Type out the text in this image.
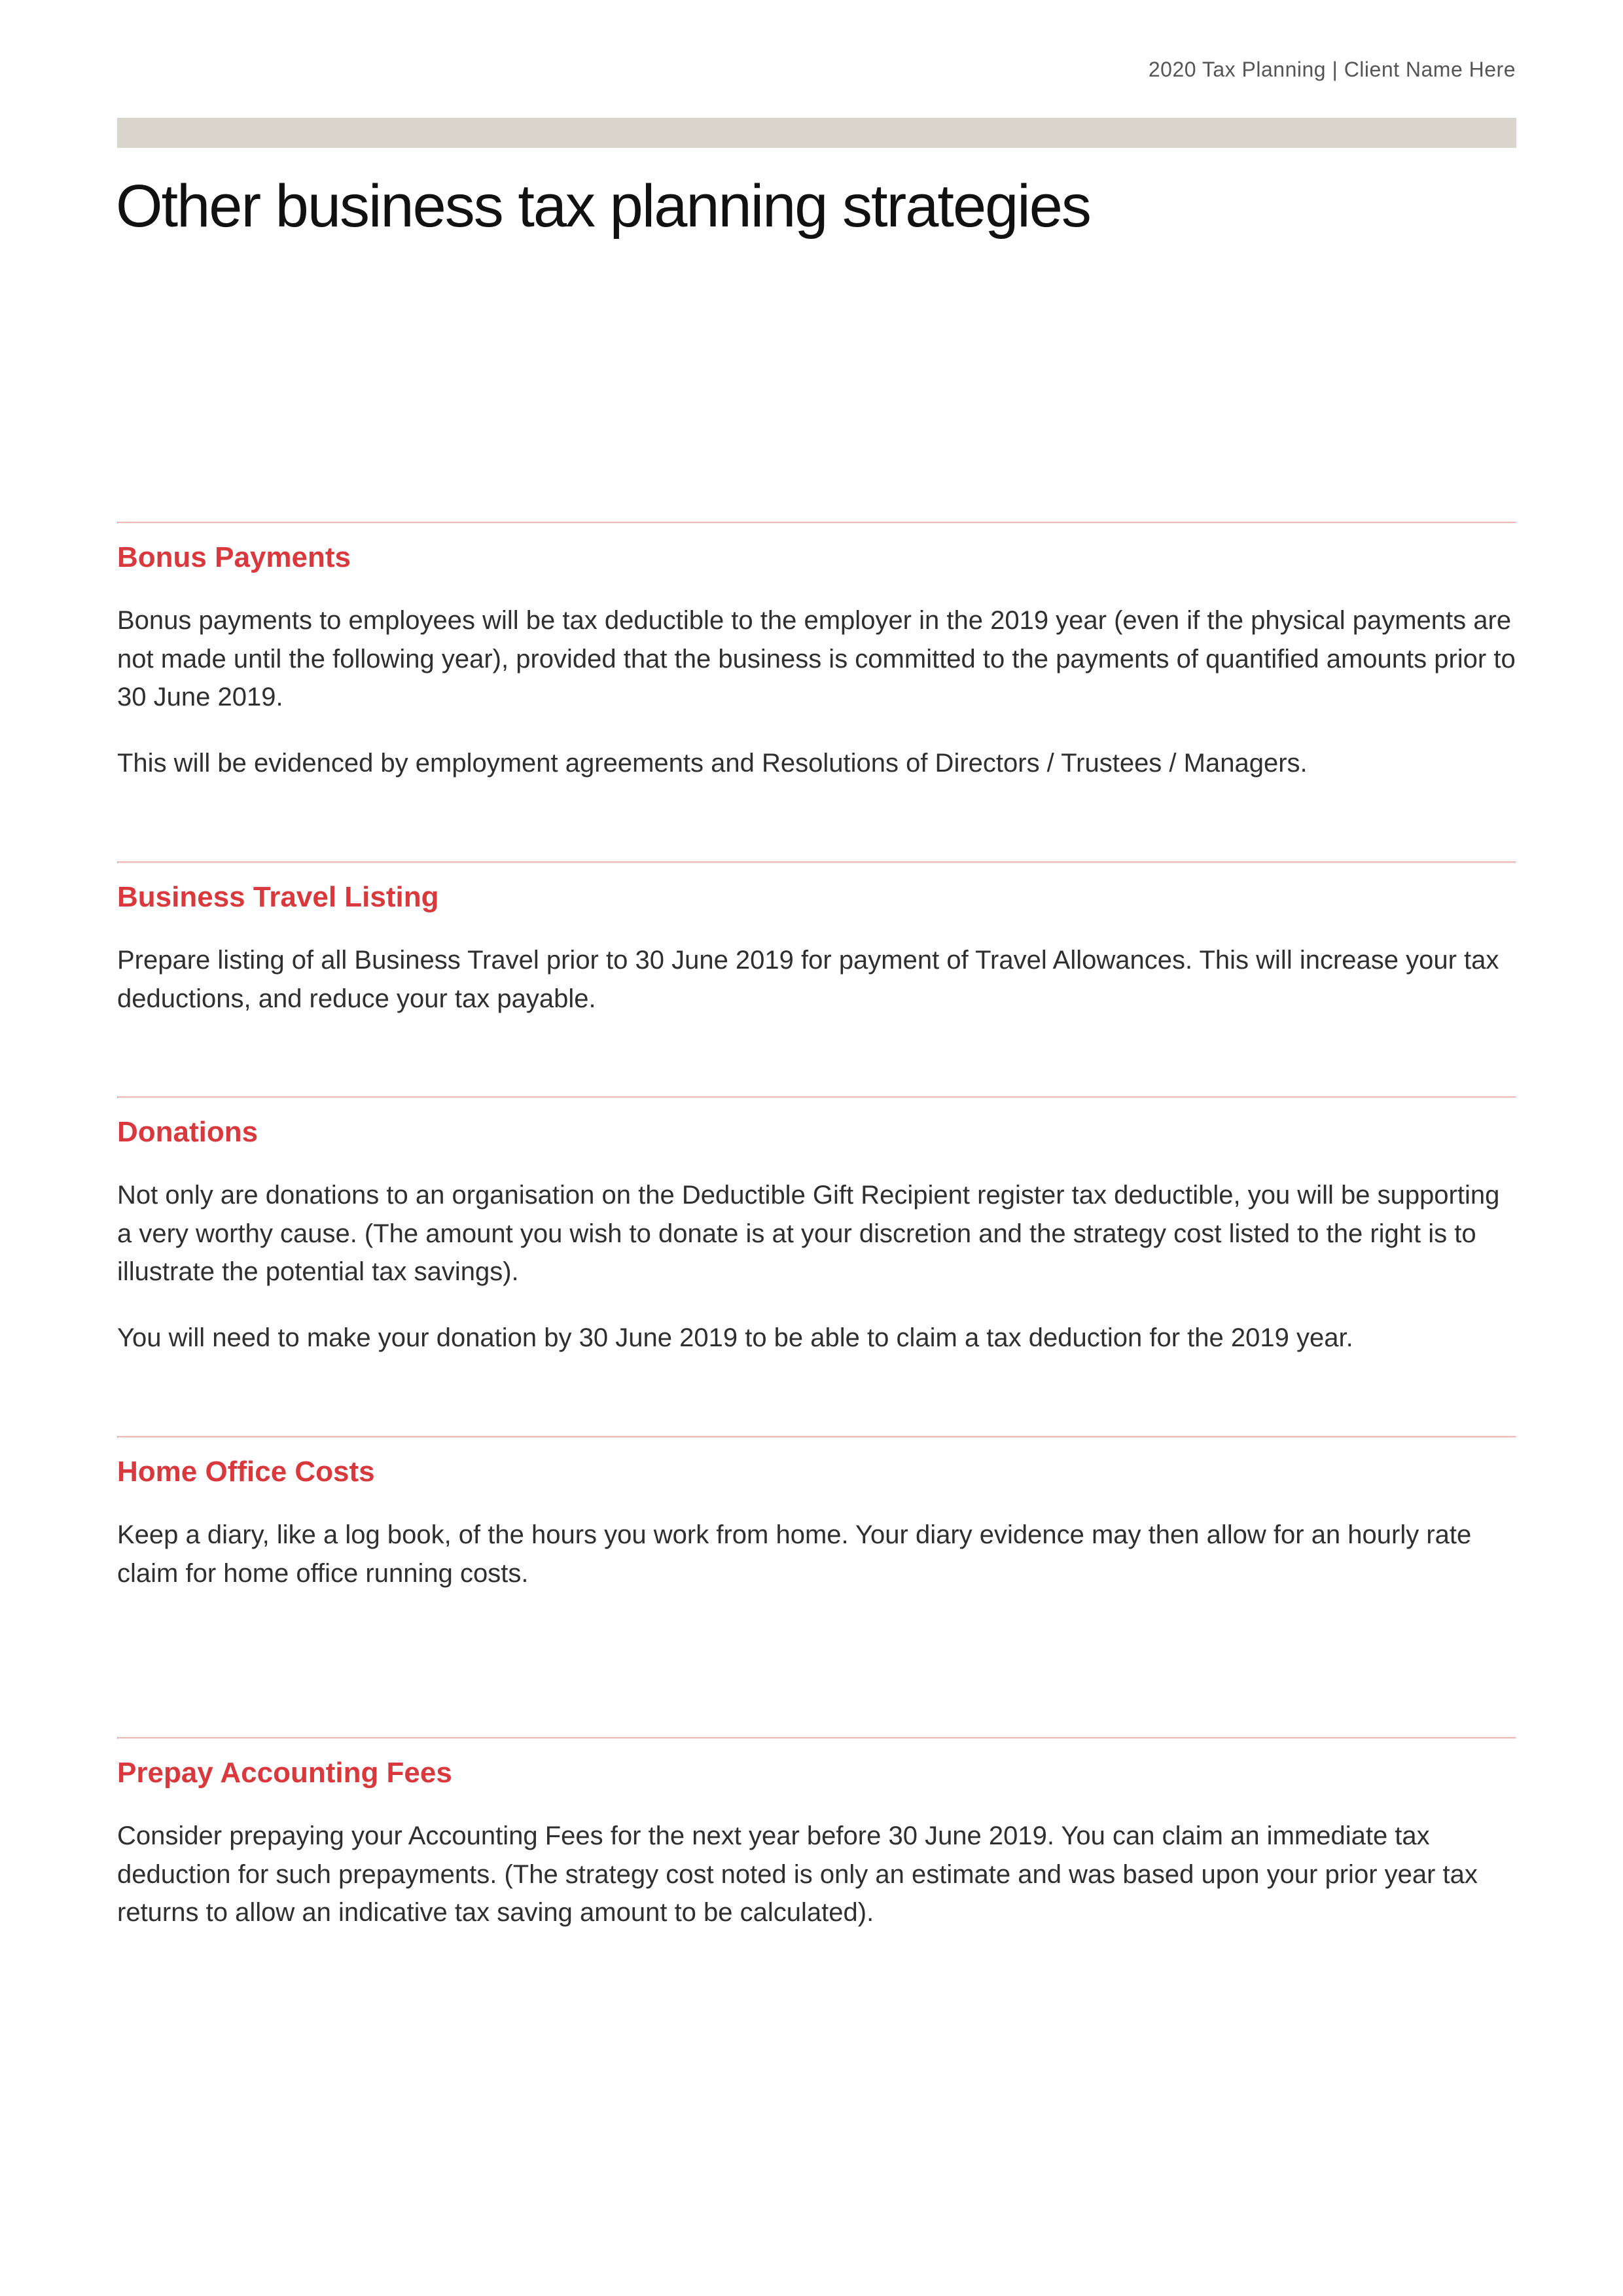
2020 Tax Planning | Client Name Here
Other business tax planning strategies
Bonus Payments

Bonus payments to employees will be tax deductible to the employer in the 2019 year (even if the physical payments are not made until the following year), provided that the business is committed to the payments of quantified amounts prior to 30 June 2019.

This will be evidenced by employment agreements and Resolutions of Directors / Trustees / Managers.

Business Travel Listing

Prepare listing of all Business Travel prior to 30 June 2019 for payment of Travel Allowances. This will increase your tax deductions, and reduce your tax payable.

Donations

Not only are donations to an organisation on the Deductible Gift Recipient register tax deductible, you will be supporting a very worthy cause. (The amount you wish to donate is at your discretion and the strategy cost listed to the right is to illustrate the potential tax savings).

You will need to make your donation by 30 June 2019 to be able to claim a tax deduction for the 2019 year.

Home Office Costs

Keep a diary, like a log book, of the hours you work from home. Your diary evidence may then allow for an hourly rate claim for home office running costs.

Prepay Accounting Fees

Consider prepaying your Accounting Fees for the next year before 30 June 2019. You can claim an immediate tax deduction for such prepayments. (The strategy cost noted is only an estimate and was based upon your prior year tax returns to allow an indicative tax saving amount to be calculated).
